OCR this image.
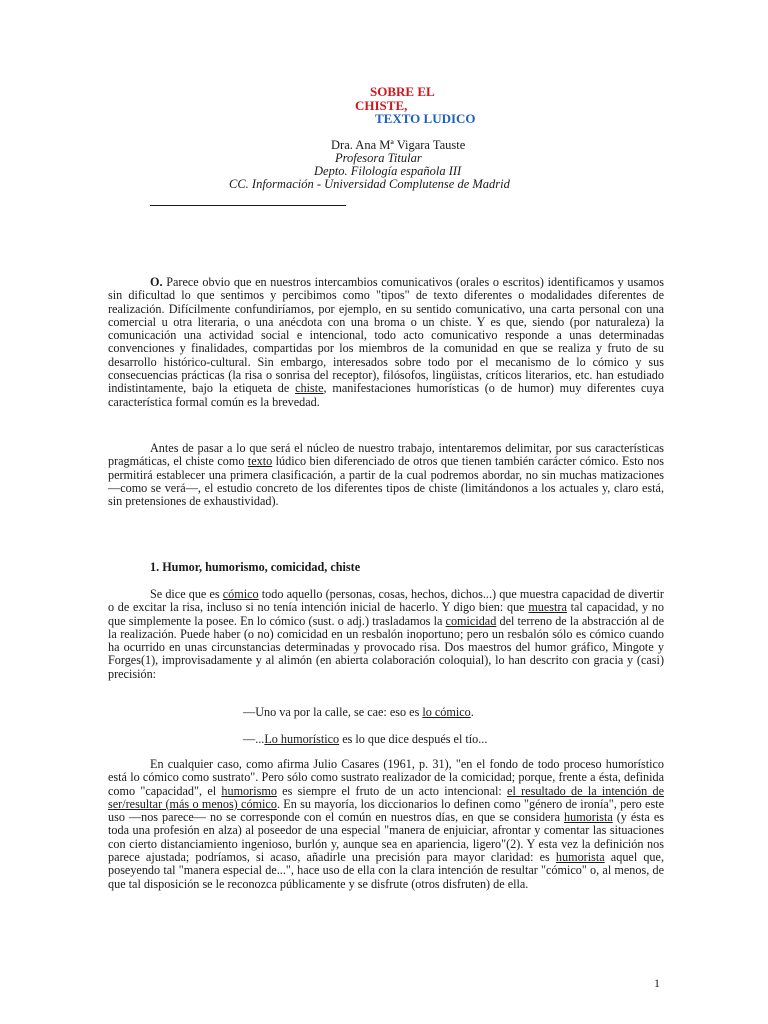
SOBRE EL
CHISTE,
TEXTO LUDICO
Dra. Ana Mª Vigara Tauste
Profesora Titular
Depto. Filología española III
CC. Información - Universidad Complutense de Madrid

O. Parece obvio que en nuestros intercambios comunicativos (orales o escritos) identificamos y usamos sin dificultad lo que sentimos y percibimos como "tipos" de texto diferentes o modalidades diferentes de realización. Difícilmente confundiríamos, por ejemplo, en su sentido comunicativo, una carta personal con una comercial u otra literaria, o una anécdota con una broma o un chiste. Y es que, siendo (por naturaleza) la comunicación una actividad social e intencional, todo acto comunicativo responde a unas determinadas convenciones y finalidades, compartidas por los miembros de la comunidad en que se realiza y fruto de su desarrollo histórico-cultural. Sin embargo, interesados sobre todo por el mecanismo de lo cómico y sus consecuencias prácticas (la risa o sonrisa del receptor), filósofos, lingüistas, críticos literarios, etc. han estudiado indistintamente, bajo la etiqueta de chiste, manifestaciones humorísticas (o de humor) muy diferentes cuya característica formal común es la brevedad.

Antes de pasar a lo que será el núcleo de nuestro trabajo, intentaremos delimitar, por sus características pragmáticas, el chiste como texto lúdico bien diferenciado de otros que tienen también carácter cómico. Esto nos permitirá establecer una primera clasificación, a partir de la cual podremos abordar, no sin muchas matizaciones —como se verá—, el estudio concreto de los diferentes tipos de chiste (limitándonos a los actuales y, claro está, sin pretensiones de exhaustividad).

1. Humor, humorismo, comicidad, chiste

Se dice que es cómico todo aquello (personas, cosas, hechos, dichos...) que muestra capacidad de divertir o de excitar la risa, incluso si no tenía intención inicial de hacerlo. Y digo bien: que muestra tal capacidad, y no que simplemente la posee. En lo cómico (sust. o adj.) trasladamos la comicidad del terreno de la abstracción al de la realización. Puede haber (o no) comicidad en un resbalón inoportuno; pero un resbalón sólo es cómico cuando ha ocurrido en unas circunstancias determinadas y provocado risa. Dos maestros del humor gráfico, Mingote y Forges(1), improvisadamente y al alimón (en abierta colaboración coloquial), lo han descrito con gracia y (casi) precisión:

—Uno va por la calle, se cae: eso es lo cómico.
—...Lo humorístico es lo que dice después el tío...

En cualquier caso, como afirma Julio Casares (1961, p. 31), "en el fondo de todo proceso humorístico está lo cómico como sustrato". Pero sólo como sustrato realizador de la comicidad; porque, frente a ésta, definida como "capacidad", el humorismo es siempre el fruto de un acto intencional: el resultado de la intención de ser/resultar (más o menos) cómico. En su mayoría, los diccionarios lo definen como "género de ironía", pero este uso —nos parece— no se corresponde con el común en nuestros días, en que se considera humorista (y ésta es toda una profesión en alza) al poseedor de una especial "manera de enjuiciar, afrontar y comentar las situaciones con cierto distanciamiento ingenioso, burlón y, aunque sea en apariencia, ligero"(2). Y esta vez la definición nos parece ajustada; podríamos, si acaso, añadirle una precisión para mayor claridad: es humorista aquel que, poseyendo tal "manera especial de...", hace uso de ella con la clara intención de resultar "cómico" o, al menos, de que tal disposición se le reconozca públicamente y se disfrute (otros disfruten) de ella.

1
